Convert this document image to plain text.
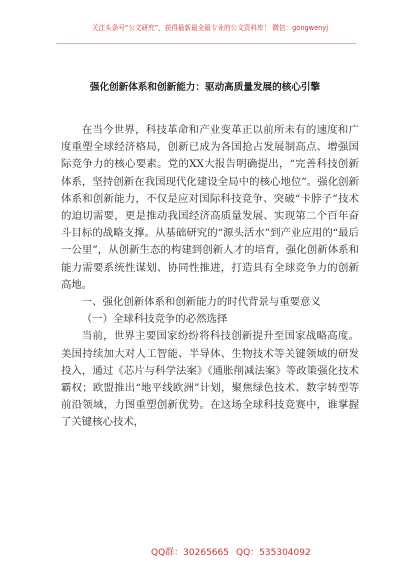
关注头条号“公文研究”，获得最新最全最专业的公文资料库！ 微信：gongwenyj
强化创新体系和创新能力：驱动高质量发展的核心引擎

在当今世界，科技革命和产业变革正以前所未有的速度和广度重塑全球经济格局，创新已成为各国抢占发展制高点、增强国际竞争力的核心要素。党的XX大报告明确提出，“完善科技创新体系，坚持创新在我国现代化建设全局中的核心地位”。强化创新体系和创新能力，不仅是应对国际科技竞争、突破“卡脖子”技术的迫切需要，更是推动我国经济高质量发展、实现第二个百年奋斗目标的战略支撑。从基础研究的“源头活水”到产业应用的“最后一公里”，从创新生态的构建到创新人才的培育，强化创新体系和能力需要系统性谋划、协同性推进，打造具有全球竞争力的创新高地。

一、强化创新体系和创新能力的时代背景与重要意义

（一）全球科技竞争的必然选择

当前，世界主要国家纷纷将科技创新提升至国家战略高度。美国持续加大对人工智能、半导体、生物技术等关键领域的研发投入，通过《芯片与科学法案》《通胀削减法案》等政策强化技术霸权；欧盟推出“地平线欧洲”计划，聚焦绿色技术、数字转型等前沿领域，力图重塑创新优势。在这场全球科技竞赛中，谁掌握了关键核心技术，

QQ群：30265665 QQ：535304092
